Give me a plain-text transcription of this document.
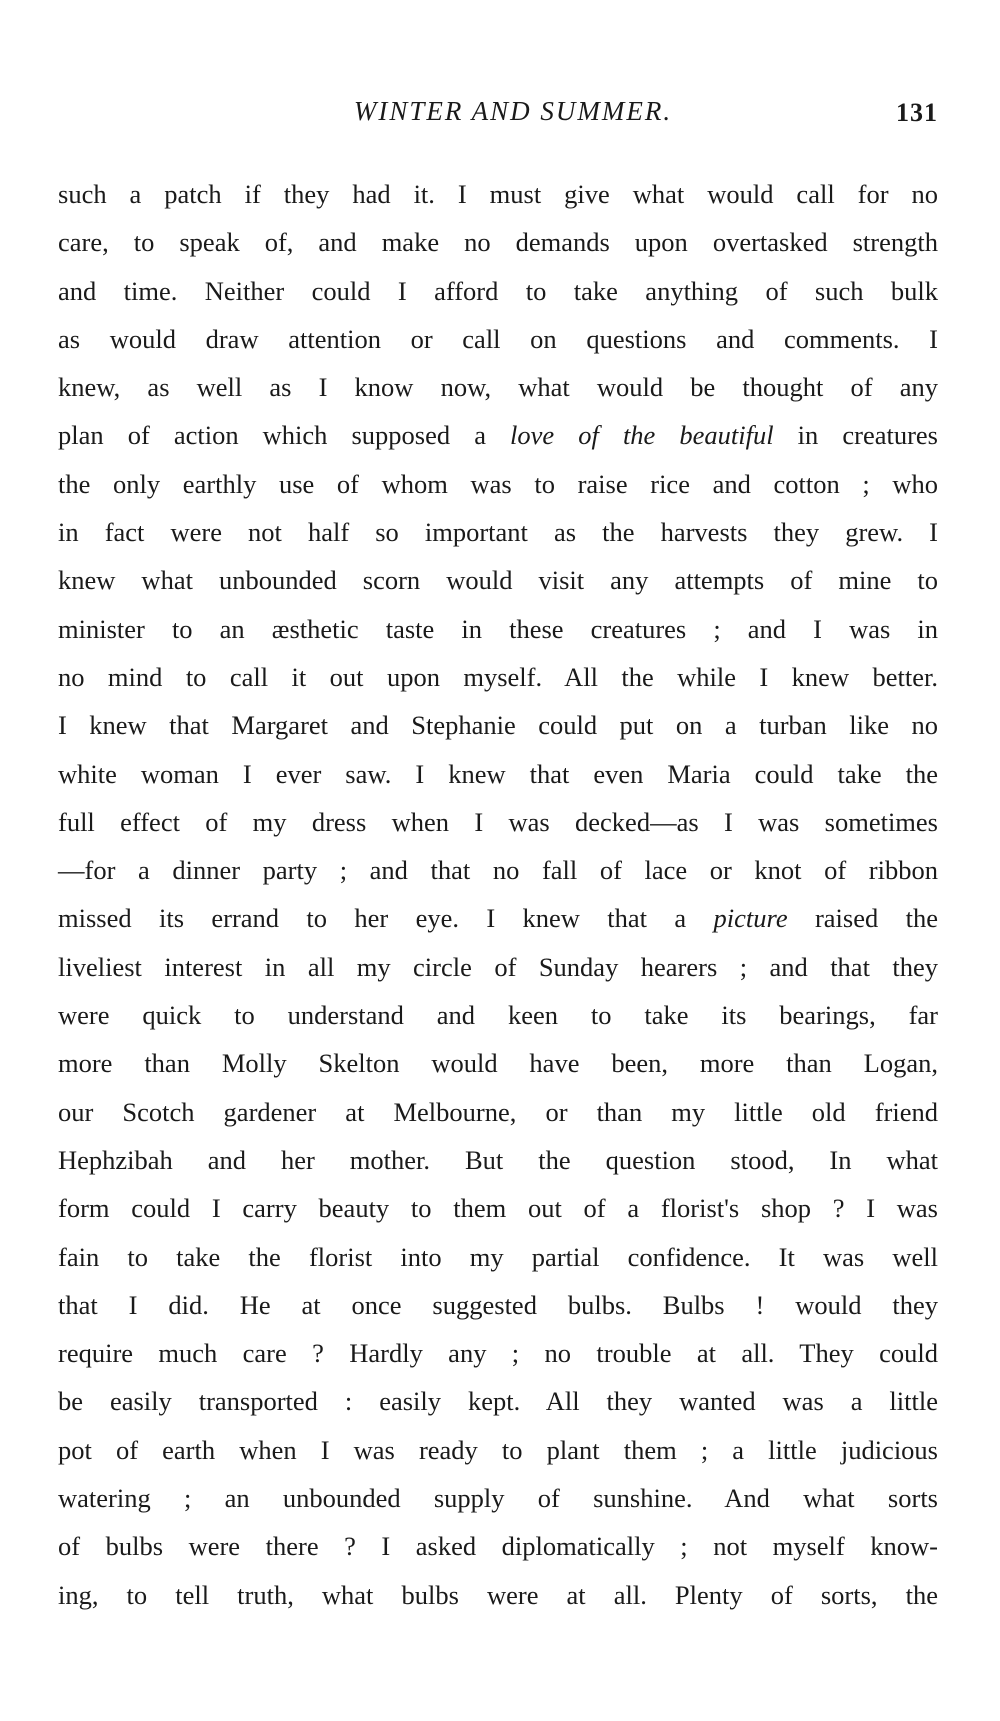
WINTER AND SUMMER.	131
such a patch if they had it. I must give what would call for no
care, to speak of, and make no demands upon overtasked strength
and time. Neither could I afford to take anything of such bulk
as would draw attention or call on questions and comments. I
knew, as well as I know now, what would be thought of any
plan of action which supposed a love of the beautiful in creatures
the only earthly use of whom was to raise rice and cotton ; who
in fact were not half so important as the harvests they grew. I
knew what unbounded scorn would visit any attempts of mine to
minister to an æsthetic taste in these creatures ; and I was in
no mind to call it out upon myself. All the while I knew better.
I knew that Margaret and Stephanie could put on a turban like no
white woman I ever saw. I knew that even Maria could take the
full effect of my dress when I was decked—as I was sometimes
—for a dinner party ; and that no fall of lace or knot of ribbon
missed its errand to her eye. I knew that a picture raised the
liveliest interest in all my circle of Sunday hearers ; and that they
were quick to understand and keen to take its bearings, far
more than Molly Skelton would have been, more than Logan,
our Scotch gardener at Melbourne, or than my little old friend
Hephzibah and her mother. But the question stood, In what
form could I carry beauty to them out of a florist's shop ? I was
fain to take the florist into my partial confidence. It was well
that I did. He at once suggested bulbs. Bulbs ! would they
require much care ? Hardly any ; no trouble at all. They could
be easily transported : easily kept. All they wanted was a little
pot of earth when I was ready to plant them ; a little judicious
watering ; an unbounded supply of sunshine. And what sorts
of bulbs were there ? I asked diplomatically ; not myself know-
ing, to tell truth, what bulbs were at all. Plenty of sorts, the
